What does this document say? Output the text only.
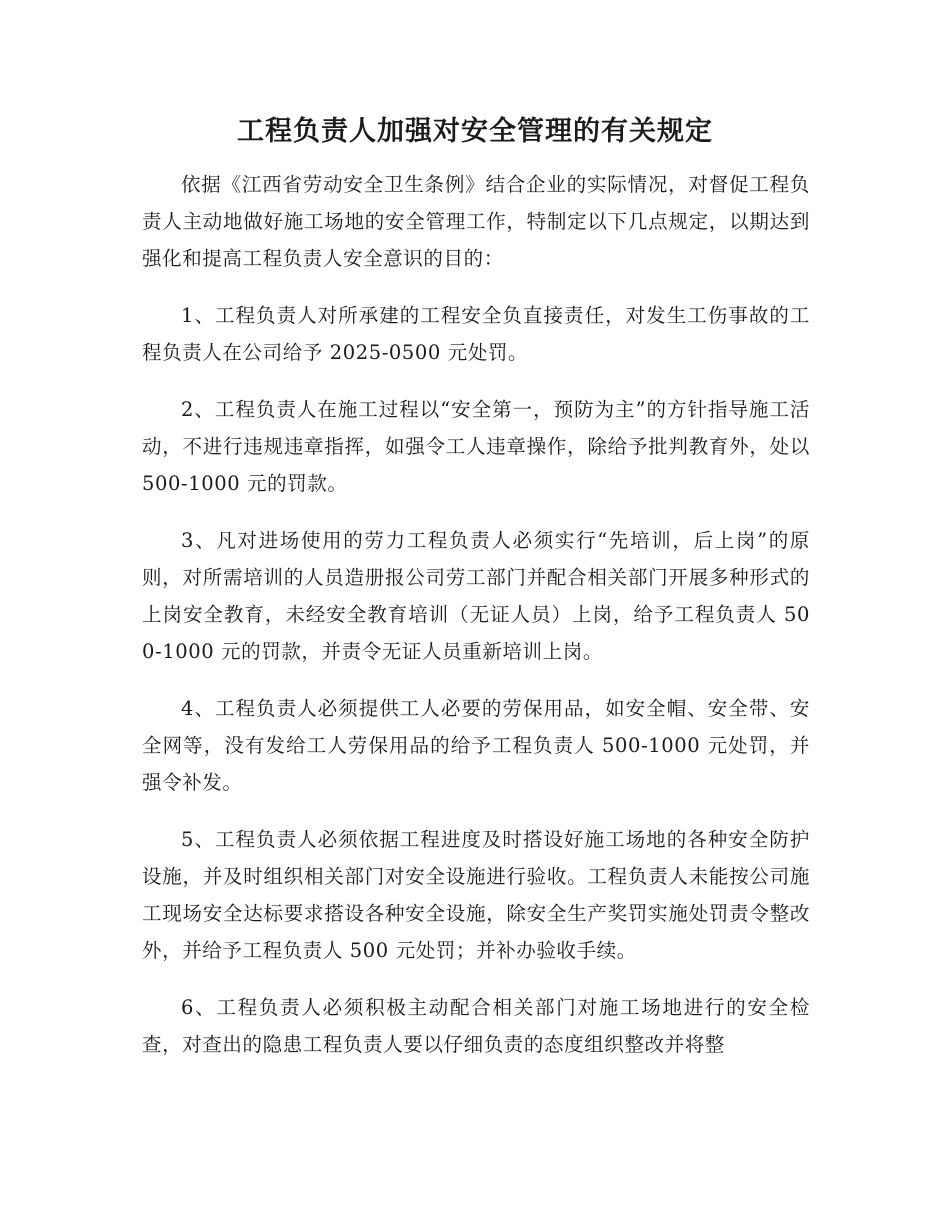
工程负责人加强对安全管理的有关规定

依据《江西省劳动安全卫生条例》结合企业的实际情况，对督促工程负责人主动地做好施工场地的安全管理工作，特制定以下几点规定，以期达到强化和提高工程负责人安全意识的目的：

1、工程负责人对所承建的工程安全负直接责任，对发生工伤事故的工程负责人在公司给予 2025-0500 元处罚。

2、工程负责人在施工过程以“安全第一，预防为主”的方针指导施工活动，不进行违规违章指挥，如强令工人违章操作，除给予批判教育外，处以 500-1000 元的罚款。

3、凡对进场使用的劳力工程负责人必须实行“先培训，后上岗”的原则，对所需培训的人员造册报公司劳工部门并配合相关部门开展多种形式的上岗安全教育，未经安全教育培训（无证人员）上岗，给予工程负责人 500-1000 元的罚款，并责令无证人员重新培训上岗。

4、工程负责人必须提供工人必要的劳保用品，如安全帽、安全带、安全网等，没有发给工人劳保用品的给予工程负责人 500-1000 元处罚，并强令补发。

5、工程负责人必须依据工程进度及时搭设好施工场地的各种安全防护设施，并及时组织相关部门对安全设施进行验收。工程负责人未能按公司施工现场安全达标要求搭设各种安全设施，除安全生产奖罚实施处罚责令整改外，并给予工程负责人 500 元处罚；并补办验收手续。

6、工程负责人必须积极主动配合相关部门对施工场地进行的安全检查，对查出的隐患工程负责人要以仔细负责的态度组织整改并将整
